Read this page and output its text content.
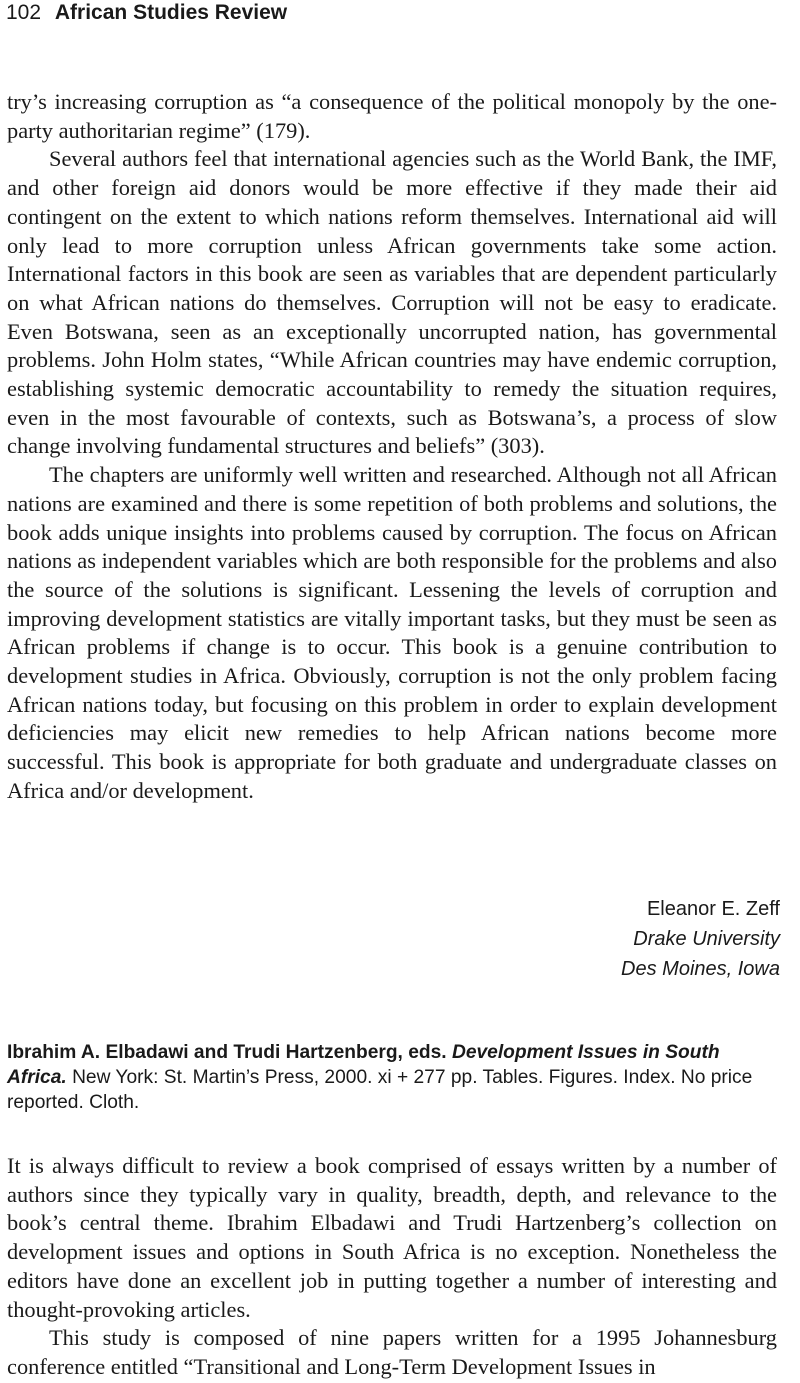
102 African Studies Review

try’s increasing corruption as “a consequence of the political monopoly by the one-party authoritarian regime” (179).

Several authors feel that international agencies such as the World Bank, the IMF, and other foreign aid donors would be more effective if they made their aid contingent on the extent to which nations reform themselves. International aid will only lead to more corruption unless African governments take some action. International factors in this book are seen as variables that are dependent particularly on what African nations do themselves. Corruption will not be easy to eradicate. Even Botswana, seen as an exceptionally uncorrupted nation, has governmental problems. John Holm states, “While African countries may have endemic corruption, establishing systemic democratic accountability to remedy the situation requires, even in the most favourable of contexts, such as Botswana’s, a process of slow change involving fundamental structures and beliefs” (303).

The chapters are uniformly well written and researched. Although not all African nations are examined and there is some repetition of both problems and solutions, the book adds unique insights into problems caused by corruption. The focus on African nations as independent variables which are both responsible for the problems and also the source of the solutions is significant. Lessening the levels of corruption and improving development statistics are vitally important tasks, but they must be seen as African problems if change is to occur. This book is a genuine contribution to development studies in Africa. Obviously, corruption is not the only problem facing African nations today, but focusing on this problem in order to explain development deficiencies may elicit new remedies to help African nations become more successful. This book is appropriate for both graduate and undergraduate classes on Africa and/or development.

Eleanor E. Zeff
Drake University
Des Moines, Iowa
Ibrahim A. Elbadawi and Trudi Hartzenberg, eds. Development Issues in South Africa. New York: St. Martin’s Press, 2000. xi + 277 pp. Tables. Figures. Index. No price reported. Cloth.

It is always difficult to review a book comprised of essays written by a number of authors since they typically vary in quality, breadth, depth, and relevance to the book’s central theme. Ibrahim Elbadawi and Trudi Hartzenberg’s collection on development issues and options in South Africa is no exception. Nonetheless the editors have done an excellent job in putting together a number of interesting and thought-provoking articles.

This study is composed of nine papers written for a 1995 Johannesburg conference entitled “Transitional and Long-Term Development Issues in
